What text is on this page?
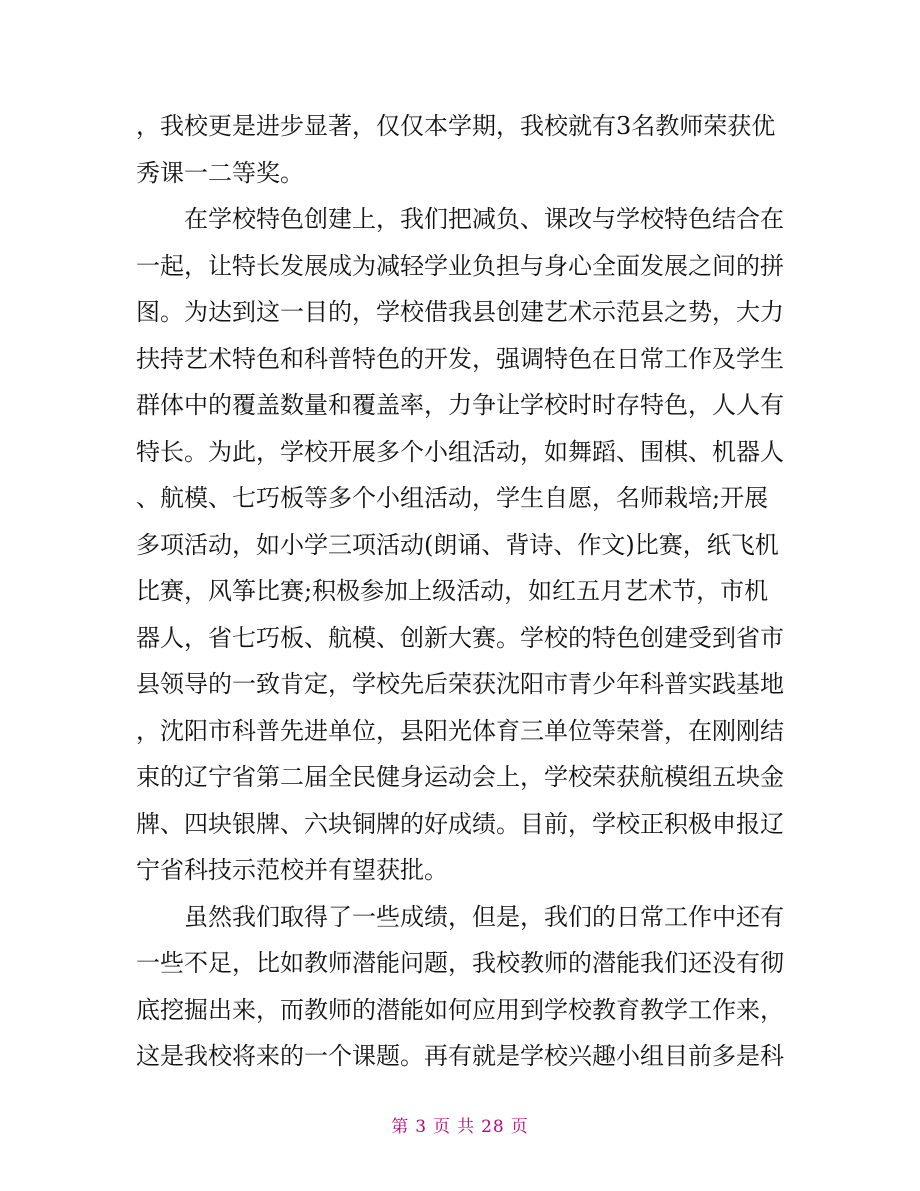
，我校更是进步显著，仅仅本学期，我校就有3名教师荣获优
秀课一二等奖。
　　在学校特色创建上，我们把减负、课改与学校特色结合在
一起，让特长发展成为减轻学业负担与身心全面发展之间的拼
图。为达到这一目的，学校借我县创建艺术示范县之势，大力
扶持艺术特色和科普特色的开发，强调特色在日常工作及学生
群体中的覆盖数量和覆盖率，力争让学校时时存特色，人人有
特长。为此，学校开展多个小组活动，如舞蹈、围棋、机器人
、航模、七巧板等多个小组活动，学生自愿，名师栽培;开展
多项活动，如小学三项活动(朗诵、背诗、作文)比赛，纸飞机
比赛，风筝比赛;积极参加上级活动，如红五月艺术节，市机
器人，省七巧板、航模、创新大赛。学校的特色创建受到省市
县领导的一致肯定，学校先后荣获沈阳市青少年科普实践基地
，沈阳市科普先进单位，县阳光体育三单位等荣誉，在刚刚结
束的辽宁省第二届全民健身运动会上，学校荣获航模组五块金
牌、四块银牌、六块铜牌的好成绩。目前，学校正积极申报辽
宁省科技示范校并有望获批。
　　虽然我们取得了一些成绩，但是，我们的日常工作中还有
一些不足，比如教师潜能问题，我校教师的潜能我们还没有彻
底挖掘出来，而教师的潜能如何应用到学校教育教学工作来，
这是我校将来的一个课题。再有就是学校兴趣小组目前多是科
第 3 页 共 28 页
